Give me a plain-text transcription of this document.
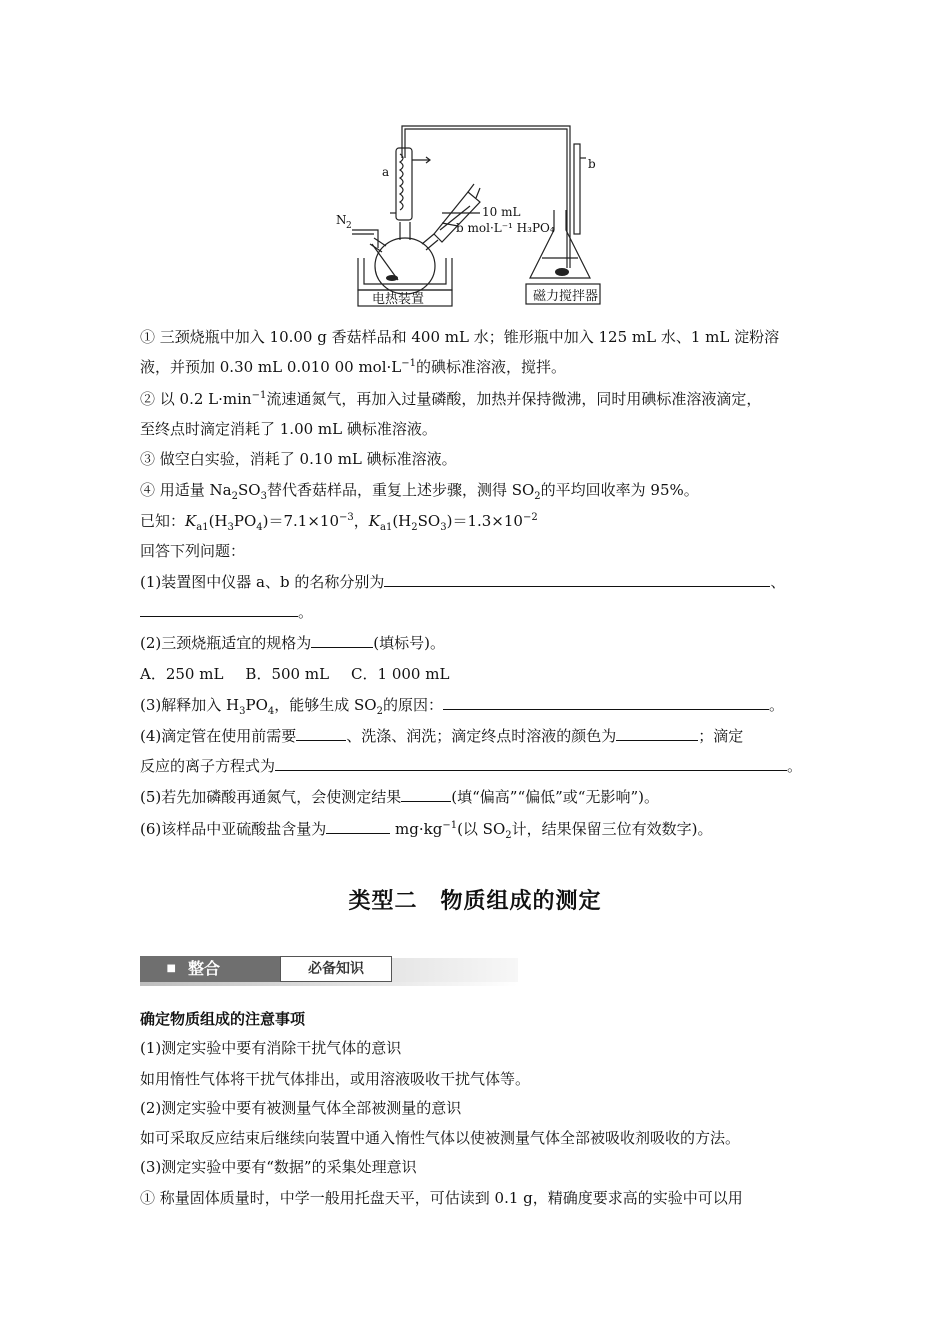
a
b
N 2
10 mL
b mol·L⁻¹ H₃PO₄
电热装置	磁力搅拌器
① 三颈烧瓶中加入 10.00 g 香菇样品和 400 mL 水；锥形瓶中加入 125 mL 水、1 mL 淀粉溶
液，并预加 0.30 mL 0.010 00 $mol\cdot L^{-1}$的碘标准溶液，搅拌。
② 以 0.2 $L\cdot\min^{-1}$流速通氮气，再加入过量磷酸，加热并保持微沸，同时用碘标准溶液滴定，
至终点时滴定消耗了 1.00 mL 碘标准溶液。
③ 做空白实验，消耗了 0.10 mL 碘标准溶液。
④ 用适量 $Na_2SO_3$替代香菇样品，重复上述步骤，测得 $SO_2$的平均回收率为 95%。
已知：$K_{a1}(H_3PO_4)=7.1\times 10^{-3}$，$K_{a1}(H_2SO_3)=1.3\times 10^{-2}$
回答下列问题：
(1)装置图中仪器 a、b 的名称分别为	、
。
(2)三颈烧瓶适宜的规格为	(填标号)。
A．250 mL B．500 mL C．1 000 mL
(3)解释加入 $H_3PO_4$，能够生成 $SO_2$的原因：	。
(4)滴定管在使用前需要	、洗涤、润洗；滴定终点时溶液的颜色为	；滴定
反应的离子方程式为	。
(5)若先加磷酸再通氮气，会使测定结果	(填“偏高”“偏低”或“无影响”)。
(6)该样品中亚硫酸盐含量为	$mg\cdot kg^{-1}$(以 $SO_2$计，结果保留三位有效数字)。
类型二　物质组成的测定
■ 整合	必备知识
确定物质组成的注意事项
(1)测定实验中要有消除干扰气体的意识
如用惰性气体将干扰气体排出，或用溶液吸收干扰气体等。
(2)测定实验中要有被测量气体全部被测量的意识
如可采取反应结束后继续向装置中通入惰性气体以使被测量气体全部被吸收剂吸收的方法。
(3)测定实验中要有“数据”的采集处理意识
① 称量固体质量时，中学一般用托盘天平，可估读到 0.1 g，精确度要求高的实验中可以用
